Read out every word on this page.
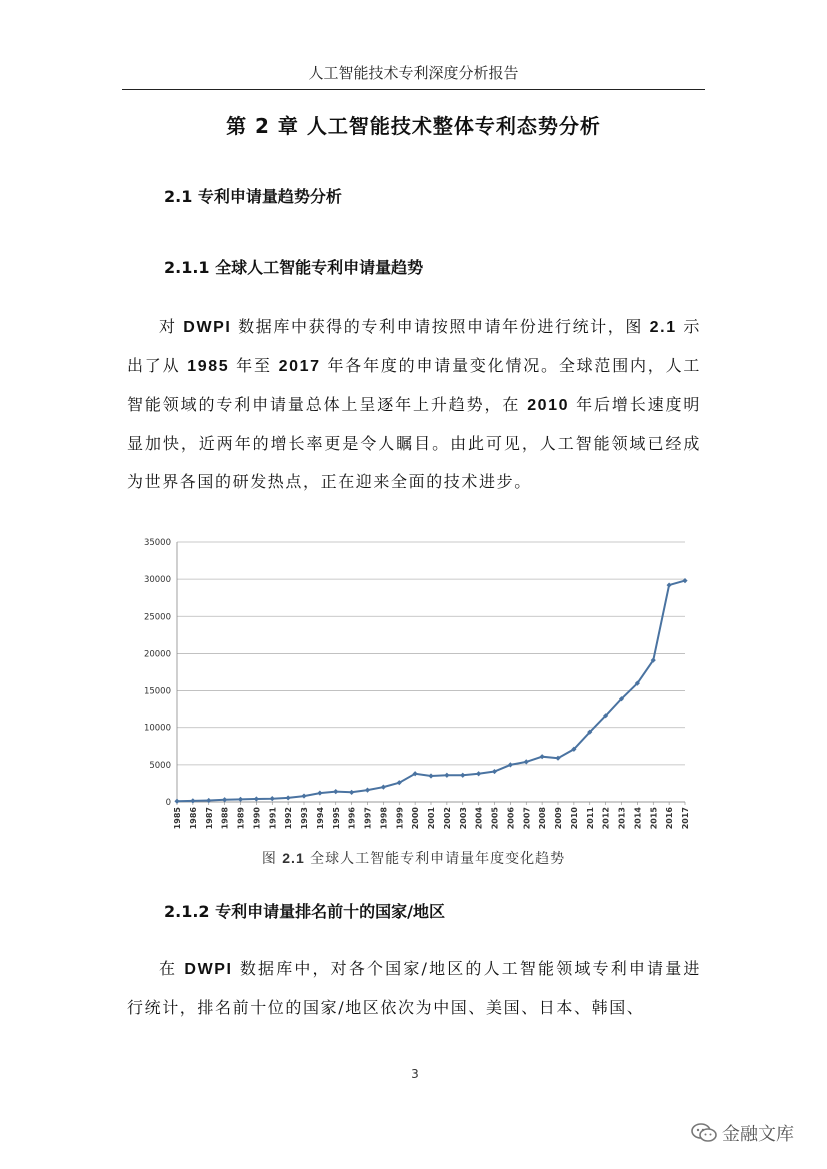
人工智能技术专利深度分析报告
第 2 章 人工智能技术整体专利态势分析
2.1 专利申请量趋势分析
2.1.1 全球人工智能专利申请量趋势

对 DWPI 数据库中获得的专利申请按照申请年份进行统计，图 2.1 示出了从 1985 年至 2017 年各年度的申请量变化情况。全球范围内，人工智能领域的专利申请量总体上呈逐年上升趋势，在 2010 年后增长速度明显加快，近两年的增长率更是令人瞩目。由此可见，人工智能领域已经成为世界各国的研发热点，正在迎来全面的技术进步。

0
5000
10000
15000
20000
25000
30000
35000
1985 1986 1987 1988 1989 1990 1991 1992 1993 1994 1995 1996 1997 1998 1999 2000 2001 2002 2003 2004 2005 2006 2007 2008 2009 2010 2011 2012 2013 2014 2015 2016 2017
图 2.1 全球人工智能专利申请量年度变化趋势
2.1.2 专利申请量排名前十的国家/地区

在 DWPI 数据库中，对各个国家/地区的人工智能领域专利申请量进行统计，排名前十位的国家/地区依次为中国、美国、日本、韩国、

3
金融文库
